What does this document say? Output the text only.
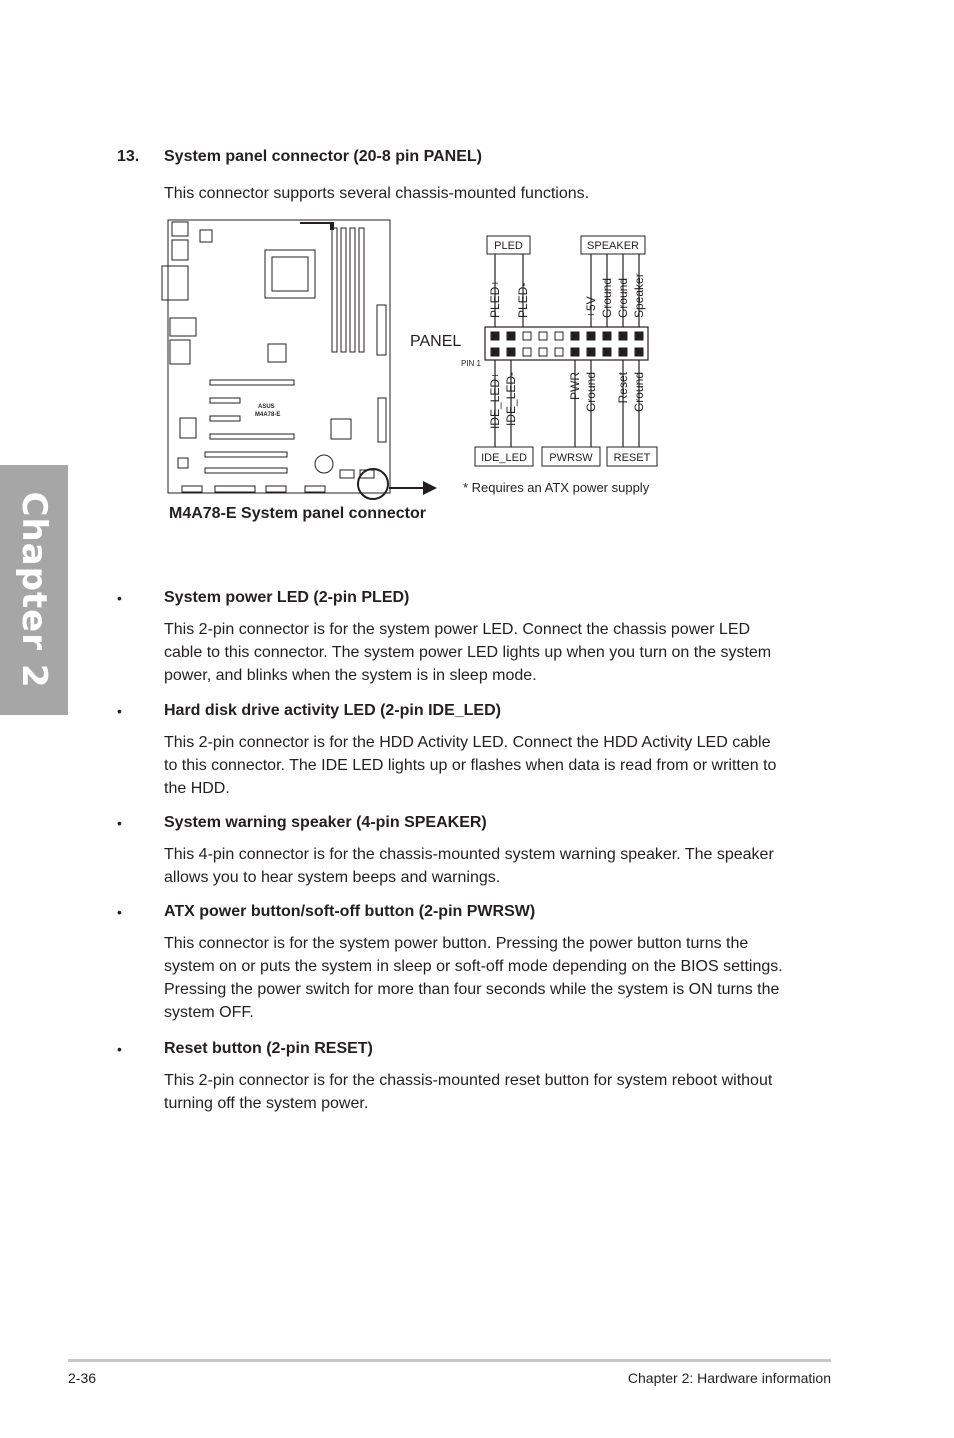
Chapter 2
13. System panel connector (20-8 pin PANEL)
This connector supports several chassis-mounted functions.
ASUS
M4A78-E
PANEL
PIN 1
PLED	SPEAKER
PLED+ PLED-	+5V Ground Ground Speaker
IDE_LED+ IDE_LED-	PWR Ground Reset Ground
IDE_LED PWRSW RESET
* Requires an ATX power supply
M4A78-E System panel connector
•	System power LED (2-pin PLED)
This 2-pin connector is for the system power LED. Connect the chassis power LED
cable to this connector. The system power LED lights up when you turn on the system
power, and blinks when the system is in sleep mode.
•	Hard disk drive activity LED (2-pin IDE_LED)
This 2-pin connector is for the HDD Activity LED. Connect the HDD Activity LED cable
to this connector. The IDE LED lights up or flashes when data is read from or written to
the HDD.
•	System warning speaker (4-pin SPEAKER)
This 4-pin connector is for the chassis-mounted system warning speaker. The speaker
allows you to hear system beeps and warnings.
•	ATX power button/soft-off button (2-pin PWRSW)
This connector is for the system power button. Pressing the power button turns the
system on or puts the system in sleep or soft-off mode depending on the BIOS settings.
Pressing the power switch for more than four seconds while the system is ON turns the
system OFF.
•	Reset button (2-pin RESET)
This 2-pin connector is for the chassis-mounted reset button for system reboot without
turning off the system power.
2-36	Chapter 2: Hardware information
